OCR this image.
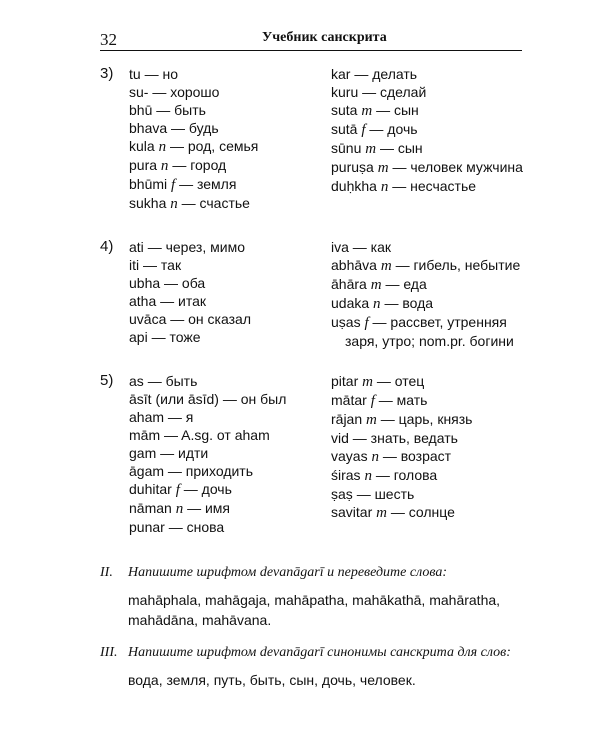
32	Учебник санскрита
3) tu — но
su- — хорошо
bhū — быть
bhava — будь
kula n — род, семья
pura n — город
bhūmi f — земля
sukha n — счастье
kar — делать
kuru — сделай
suta m — сын
sutā f — дочь
sūnu m — сын
puruṣa m — человек мужчина
duḥkha n — несчастье
4) ati — через, мимо
iti — так
ubha — оба
atha — итак
uvāca — он сказал
api — тоже
iva — как
abhāva m — гибель, небытие
āhāra m — еда
udaka n — вода
uṣas f — рассвет, утренняя
заря, утро; nom.pr. богини
5) as — быть
āsīt (или āsīd) — он был
aham — я
mām — A.sg. от aham
gam — идти
āgam — приходить
duhitar f — дочь
nāman n — имя
punar — снова
pitar m — отец
mātar f — мать
rājan m — царь, князь
vid — знать, ведать
vayas n — возраст
śiras n — голова
ṣaṣ — шесть
savitar m — солнце
II. Напишите шрифтом devanāgarī и переведите слова:
mahāphala, mahāgaja, mahāpatha, mahākathā, mahāratha,
mahādāna, mahāvana.
III. Напишите шрифтом devanāgarī синонимы санскрита для слов:
вода, земля, путь, быть, сын, дочь, человек.
